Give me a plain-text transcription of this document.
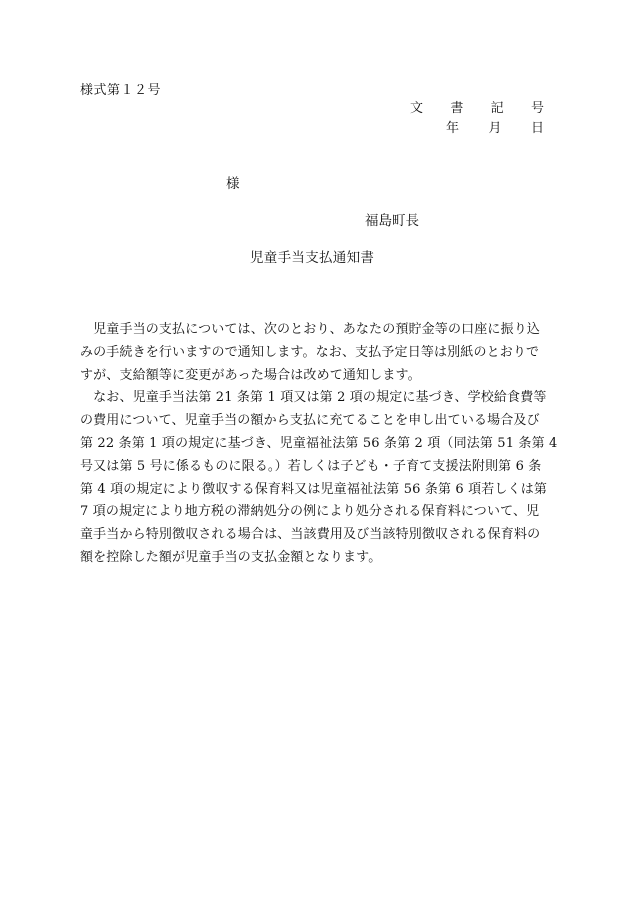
様式第１２号
文 書 記 号
年 月 日
様
福島町長
児童手当支払通知書
　児童手当の支払については、次のとおり、あなたの預貯金等の口座に振り込
みの手続きを行いますので通知します。なお、支払予定日等は別紙のとおりで
すが、支給額等に変更があった場合は改めて通知します。
　なお、児童手当法第 21 条第 1 項又は第 2 項の規定に基づき、学校給食費等
の費用について、児童手当の額から支払に充てることを申し出ている場合及び
第 22 条第 1 項の規定に基づき、児童福祉法第 56 条第 2 項（同法第 51 条第 4
号又は第 5 号に係るものに限る。）若しくは子ども・子育て支援法附則第 6 条
第 4 項の規定により徴収する保育料又は児童福祉法第 56 条第 6 項若しくは第
7 項の規定により地方税の滞納処分の例により処分される保育料について、児
童手当から特別徴収される場合は、当該費用及び当該特別徴収される保育料の
額を控除した額が児童手当の支払金額となります。
